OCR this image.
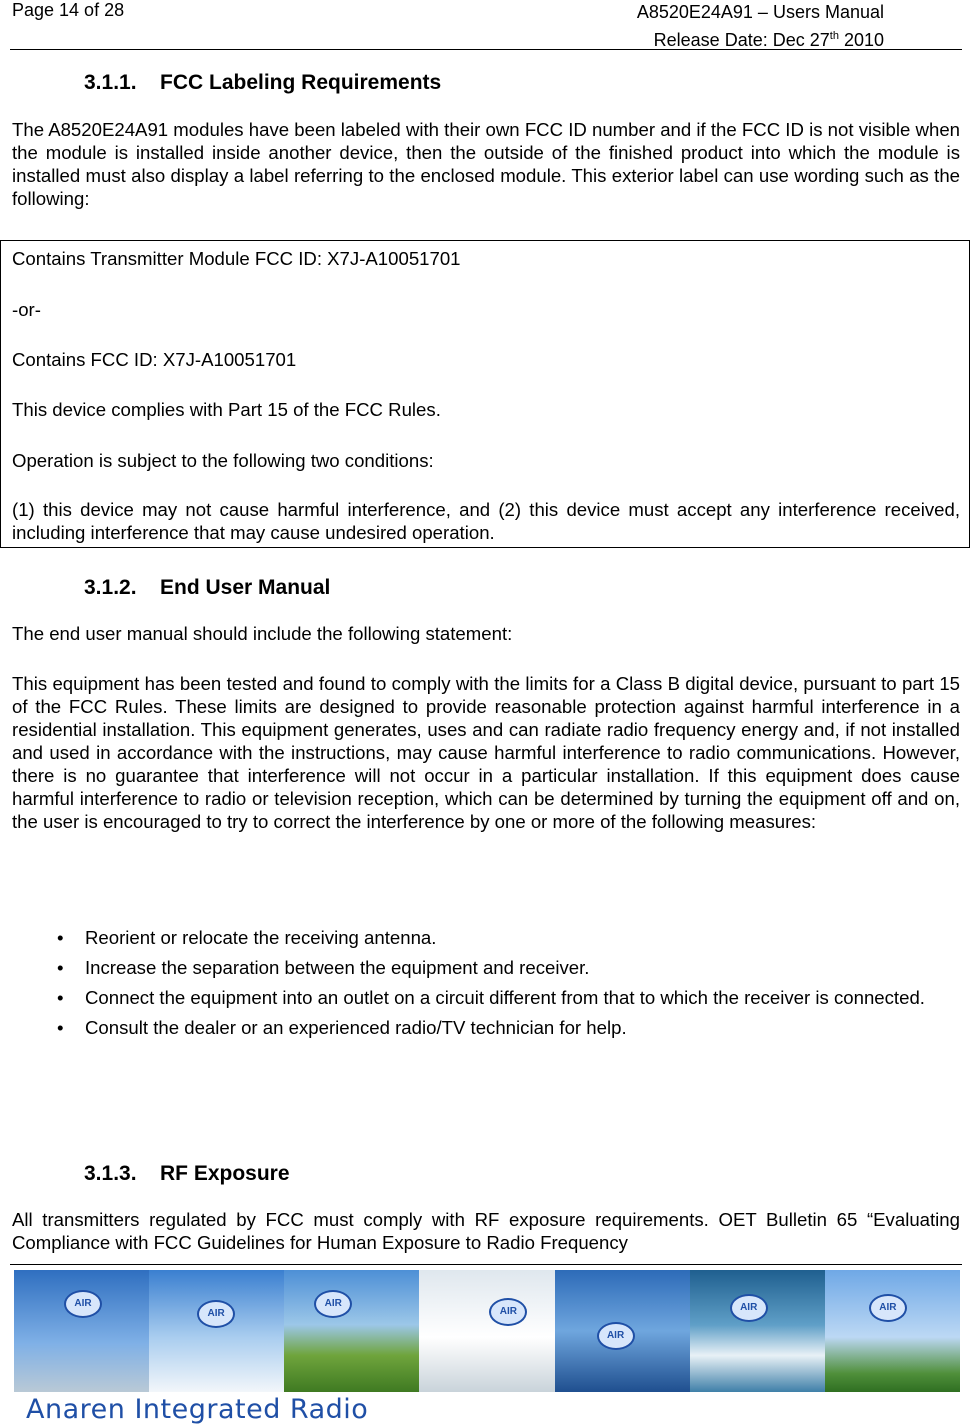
Page 14 of 28	A8520E24A91 – Users Manual
Release Date: Dec 27th 2010
3.1.1. FCC Labeling Requirements
The A8520E24A91 modules have been labeled with their own FCC ID number and if the FCC ID is not visible when the module is installed inside another device, then the outside of the finished product into which the module is installed must also display a label referring to the enclosed module. This exterior label can use wording such as the following:

Contains Transmitter Module FCC ID: X7J-A10051701

-or-

Contains FCC ID: X7J-A10051701

This device complies with Part 15 of the FCC Rules.

Operation is subject to the following two conditions:

(1) this device may not cause harmful interference, and (2) this device must accept any interference received, including interference that may cause undesired operation.

3.1.2. End User Manual
The end user manual should include the following statement:
This equipment has been tested and found to comply with the limits for a Class B digital device, pursuant to part 15 of the FCC Rules. These limits are designed to provide reasonable protection against harmful interference in a residential installation. This equipment generates, uses and can radiate radio frequency energy and, if not installed and used in accordance with the instructions, may cause harmful interference to radio communications. However, there is no guarantee that interference will not occur in a particular installation. If this equipment does cause harmful interference to radio or television reception, which can be determined by turning the equipment off and on, the user is encouraged to try to correct the interference by one or more of the following measures:
• Reorient or relocate the receiving antenna.
• Increase the separation between the equipment and receiver.
• Connect the equipment into an outlet on a circuit different from that to which the receiver is connected.
• Consult the dealer or an experienced radio/TV technician for help.
3.1.3. RF Exposure
All transmitters regulated by FCC must comply with RF exposure requirements. OET Bulletin 65 “Evaluating Compliance with FCC Guidelines for Human Exposure to Radio Frequency
AIR
AIR
AIR
AIR
AIR
AIR	AIR
Anaren Integrated Radio
